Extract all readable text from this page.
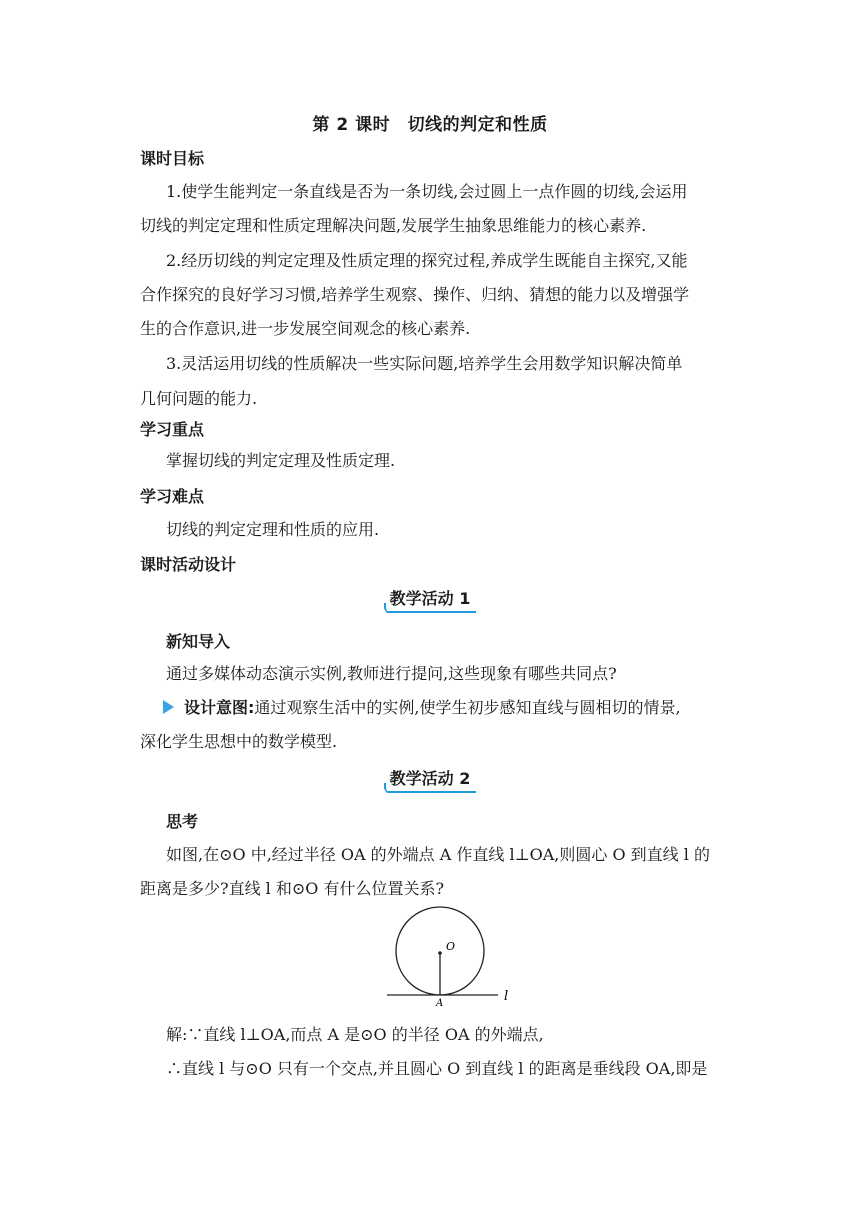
第 2 课时　切线的判定和性质
课时目标
1.使学生能判定一条直线是否为一条切线,会过圆上一点作圆的切线,会运用
切线的判定定理和性质定理解决问题,发展学生抽象思维能力的核心素养.
2.经历切线的判定定理及性质定理的探究过程,养成学生既能自主探究,又能
合作探究的良好学习习惯,培养学生观察、操作、归纳、猜想的能力以及增强学
生的合作意识,进一步发展空间观念的核心素养.
3.灵活运用切线的性质解决一些实际问题,培养学生会用数学知识解决简单
几何问题的能力.
学习重点
掌握切线的判定定理及性质定理.
学习难点
切线的判定定理和性质的应用.
课时活动设计
教学活动 1
新知导入
通过多媒体动态演示实例,教师进行提问,这些现象有哪些共同点?
设计意图:通过观察生活中的实例,使学生初步感知直线与圆相切的情景,
深化学生思想中的数学模型.
教学活动 2
思考
如图,在⊙O 中,经过半径 OA 的外端点 A 作直线 l⊥OA,则圆心 O 到直线 l 的
距离是多少?直线 l 和⊙O 有什么位置关系?
O
A	l
解:∵直线 l⊥OA,而点 A 是⊙O 的半径 OA 的外端点,
∴直线 l 与⊙O 只有一个交点,并且圆心 O 到直线 l 的距离是垂线段 OA,即是
